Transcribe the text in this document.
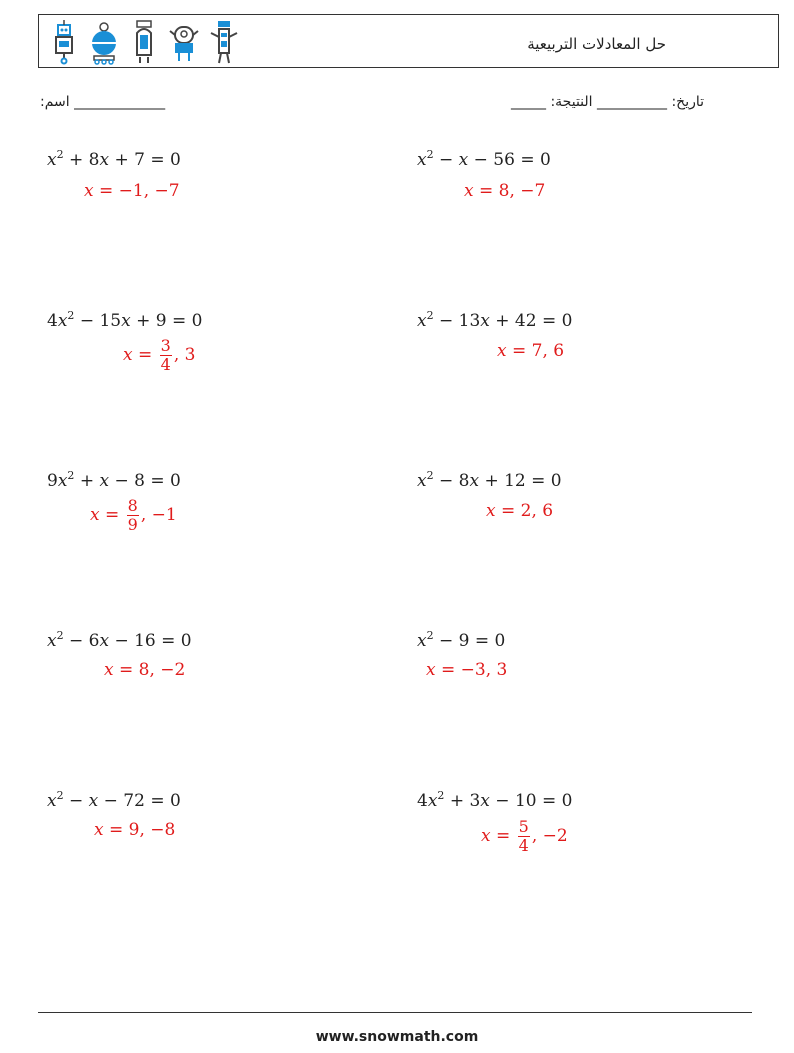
حل المعادلات التربيعية
:اسم _____________	_____ :تاريخ: __________ النتيجة
$x^2 + 8x + 7 = 0$
x = −1, −7
$x^2 - x - 56 = 0$
x = 8, −7
$4x^2 - 15x + 9 = 0$
$x = \frac{3}{4}$ , 3
$x^2 - 13x + 42 = 0$
x = 7, 6
$9x^2 + x - 8 = 0$
$x = \frac{8}{9}$ , −1
$x^2 - 8x + 12 = 0$
x = 2, 6
$x^2 - 6x - 16 = 0$
x = 8, −2
$x^2 - 9 = 0$
x = −3, 3
$x^2 - x - 72 = 0$
x = 9, −8
$4x^2 + 3x - 10 = 0$
$x = \frac{5}{4}$ , −2
www.snowmath.com
